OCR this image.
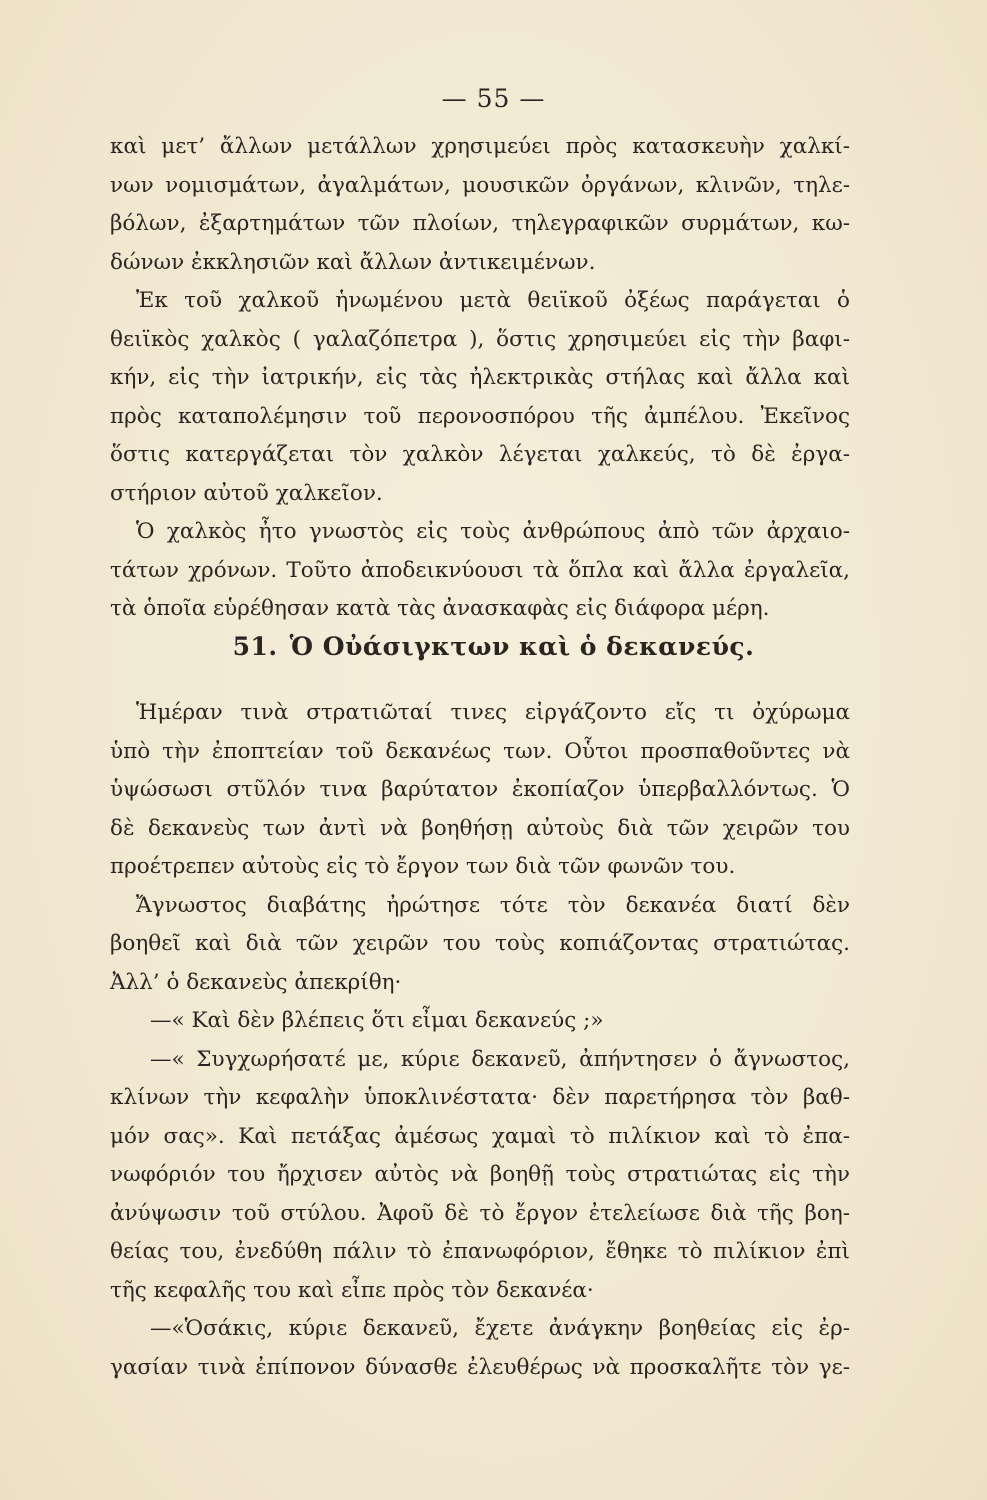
— 55 —
καὶ μετ’ ἄλλων μετάλλων χρησιμεύει πρὸς κατασκευὴν χαλκί-
νων νομισμάτων, ἀγαλμάτων, μουσικῶν ὀργάνων, κλινῶν, τηλε-
βόλων, ἐξαρτημάτων τῶν πλοίων, τηλεγραφικῶν συρμάτων, κω-
δώνων ἐκκλησιῶν καὶ ἄλλων ἀντικειμένων.
Ἐκ τοῦ χαλκοῦ ἡνωμένου μετὰ θειϊκοῦ ὀξέως παράγεται ὁ
θειϊκὸς χαλκὸς ( γαλαζόπετρα ), ὅστις χρησιμεύει εἰς τὴν βαφι-
κήν, εἰς τὴν ἰατρικήν, εἰς τὰς ἠλεκτρικὰς στήλας καὶ ἄλλα καὶ
πρὸς καταπολέμησιν τοῦ περονοσπόρου τῆς ἀμπέλου. Ἐκεῖνος
ὅστις κατεργάζεται τὸν χαλκὸν λέγεται χαλκεύς, τὸ δὲ ἐργα-
στήριον αὐτοῦ χαλκεῖον.
Ὁ χαλκὸς ἦτο γνωστὸς εἰς τοὺς ἀνθρώπους ἀπὸ τῶν ἀρχαιο-
τάτων χρόνων. Τοῦτο ἀποδεικνύουσι τὰ ὅπλα καὶ ἄλλα ἐργαλεῖα,
τὰ ὁποῖα εὑρέθησαν κατὰ τὰς ἀνασκαφὰς εἰς διάφορα μέρη.
51. Ὁ Οὐάσιγκτων καὶ ὁ δεκανεύς.
Ἡμέραν τινὰ στρατιῶταί τινες εἰργάζοντο εἴς τι ὀχύρωμα
ὑπὸ τὴν ἐποπτείαν τοῦ δεκανέως των. Οὗτοι προσπαθοῦντες νὰ
ὑψώσωσι στῦλόν τινα βαρύτατον ἐκοπίαζον ὑπερβαλλόντως. Ὁ
δὲ δεκανεὺς των ἀντὶ νὰ βοηθήσῃ αὐτοὺς διὰ τῶν χειρῶν του
προέτρεπεν αὐτοὺς εἰς τὸ ἔργον των διὰ τῶν φωνῶν του.
Ἄγνωστος διαβάτης ἠρώτησε τότε τὸν δεκανέα διατί δὲν
βοηθεῖ καὶ διὰ τῶν χειρῶν του τοὺς κοπιάζοντας στρατιώτας.
Ἀλλ’ ὁ δεκανεὺς ἀπεκρίθη·
—« Καὶ δὲν βλέπεις ὅτι εἶμαι δεκανεύς ;»
—« Συγχωρήσατέ με, κύριε δεκανεῦ, ἀπήντησεν ὁ ἄγνωστος,
κλίνων τὴν κεφαλὴν ὑποκλινέστατα· δὲν παρετήρησα τὸν βαθ-
μόν σας». Καὶ πετάξας ἀμέσως χαμαὶ τὸ πιλίκιον καὶ τὸ ἐπα-
νωφόριόν του ἤρχισεν αὐτὸς νὰ βοηθῇ τοὺς στρατιώτας εἰς τὴν
ἀνύψωσιν τοῦ στύλου. Ἀφοῦ δὲ τὸ ἔργον ἐτελείωσε διὰ τῆς βοη-
θείας του, ἐνεδύθη πάλιν τὸ ἐπανωφόριον, ἔθηκε τὸ πιλίκιον ἐπὶ
τῆς κεφαλῆς του καὶ εἶπε πρὸς τὸν δεκανέα·
—«Ὁσάκις, κύριε δεκανεῦ, ἔχετε ἀνάγκην βοηθείας εἰς ἐρ-
γασίαν τινὰ ἐπίπονον δύνασθε ἐλευθέρως νὰ προσκαλῆτε τὸν γε-
